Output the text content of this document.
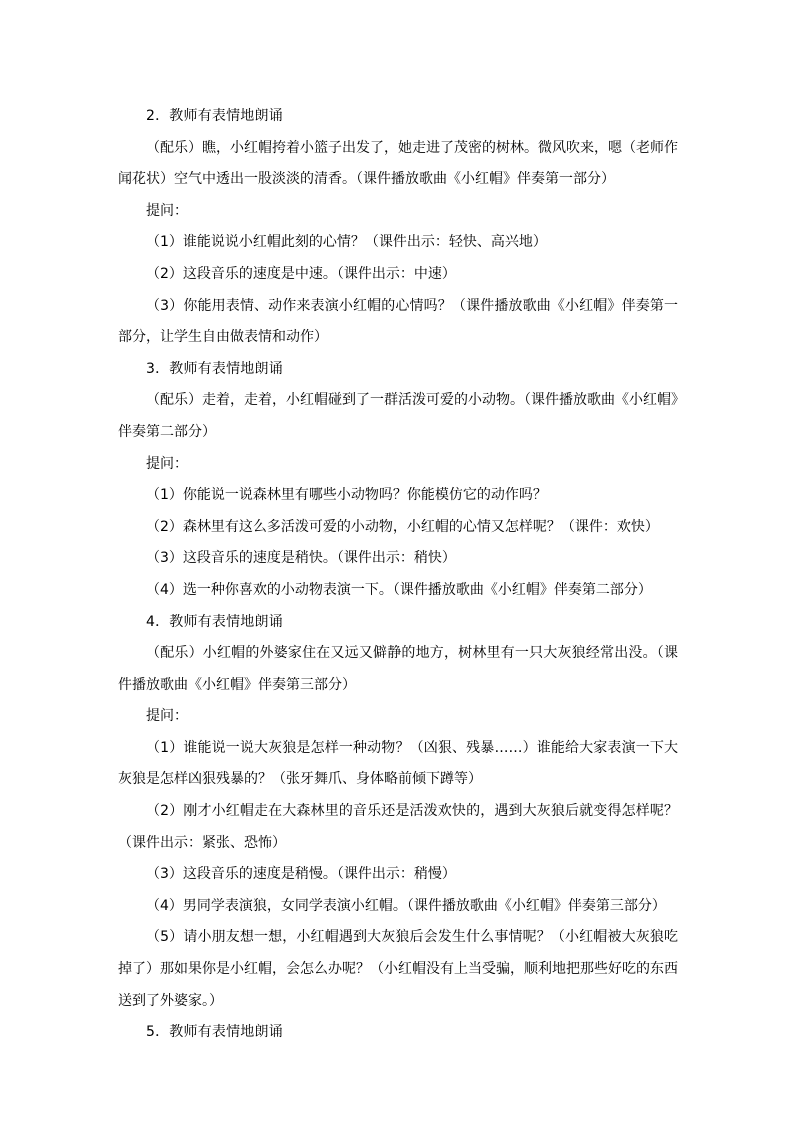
2．教师有表情地朗诵

（配乐）瞧，小红帽挎着小篮子出发了，她走进了茂密的树林。微风吹来，嗯（老师作闻花状）空气中透出一股淡淡的清香。（课件播放歌曲《小红帽》伴奏第一部分）

提问：

（1）谁能说说小红帽此刻的心情？（课件出示：轻快、高兴地）

（2）这段音乐的速度是中速。（课件出示：中速）

（3）你能用表情、动作来表演小红帽的心情吗？（课件播放歌曲《小红帽》伴奏第一部分，让学生自由做表情和动作）

3．教师有表情地朗诵

（配乐）走着，走着，小红帽碰到了一群活泼可爱的小动物。（课件播放歌曲《小红帽》伴奏第二部分）

提问：

（1）你能说一说森林里有哪些小动物吗？你能模仿它的动作吗？

（2）森林里有这么多活泼可爱的小动物，小红帽的心情又怎样呢？（课件：欢快）

（3）这段音乐的速度是稍快。（课件出示：稍快）

（4）选一种你喜欢的小动物表演一下。（课件播放歌曲《小红帽》伴奏第二部分）

4．教师有表情地朗诵

（配乐）小红帽的外婆家住在又远又僻静的地方，树林里有一只大灰狼经常出没。（课件播放歌曲《小红帽》伴奏第三部分）

提问：

（1）谁能说一说大灰狼是怎样一种动物？（凶狠、残暴……）谁能给大家表演一下大灰狼是怎样凶狠残暴的？（张牙舞爪、身体略前倾下蹲等）

（2）刚才小红帽走在大森林里的音乐还是活泼欢快的，遇到大灰狼后就变得怎样呢？（课件出示：紧张、恐怖）

（3）这段音乐的速度是稍慢。（课件出示：稍慢）

（4）男同学表演狼，女同学表演小红帽。（课件播放歌曲《小红帽》伴奏第三部分）

（5）请小朋友想一想，小红帽遇到大灰狼后会发生什么事情呢？（小红帽被大灰狼吃掉了）那如果你是小红帽，会怎么办呢？（小红帽没有上当受骗，顺利地把那些好吃的东西送到了外婆家。）

5．教师有表情地朗诵
